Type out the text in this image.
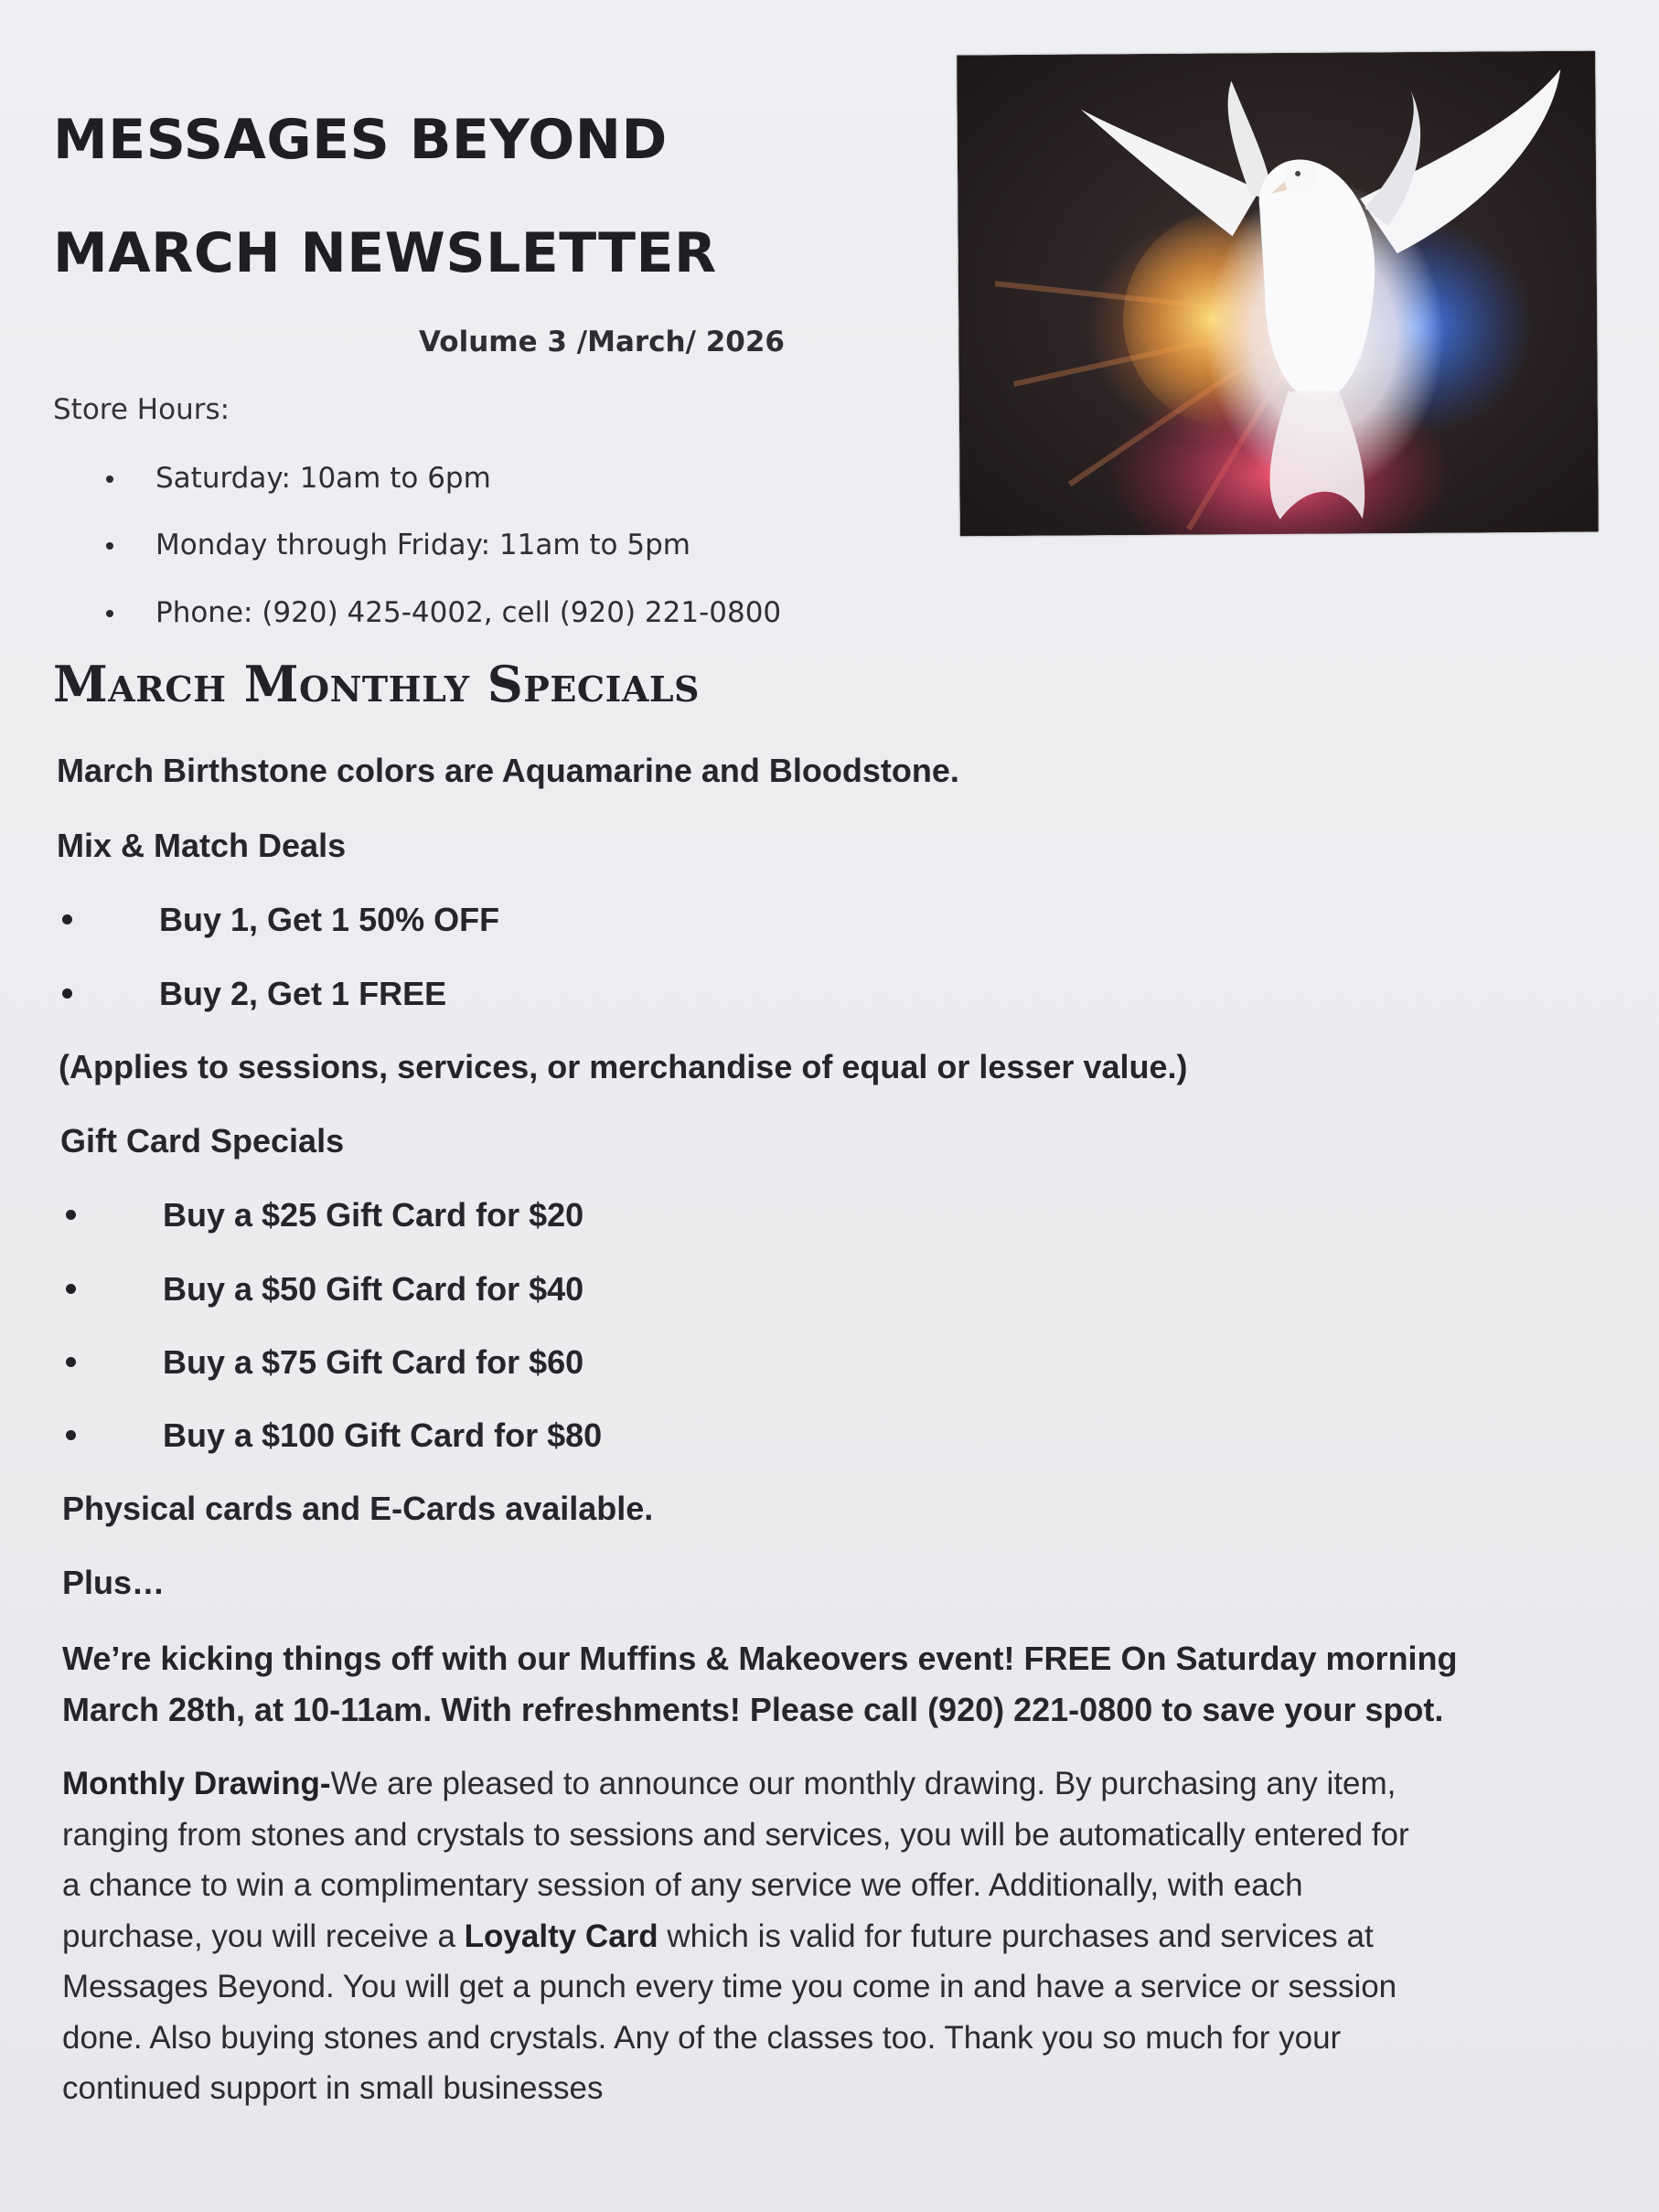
MESSAGES BEYOND
MARCH NEWSLETTER
Volume 3 /March/ 2026
Store Hours:
Saturday: 10am to 6pm
Monday through Friday: 11am to 5pm
Phone: (920) 425-4002, cell (920) 221-0800
March Monthly Specials
March Birthstone colors are Aquamarine and Bloodstone.
Mix & Match Deals
Buy 1, Get 1 50% OFF
Buy 2, Get 1 FREE
(Applies to sessions, services, or merchandise of equal or lesser value.)
Gift Card Specials
Buy a $25 Gift Card for $20
Buy a $50 Gift Card for $40
Buy a $75 Gift Card for $60
Buy a $100 Gift Card for $80
Physical cards and E-Cards available.
Plus…
We’re kicking things off with our Muffins & Makeovers event! FREE On Saturday morning
March 28th, at 10-11am. With refreshments! Please call (920) 221-0800 to save your spot.
Monthly Drawing-We are pleased to announce our monthly drawing. By purchasing any item,
ranging from stones and crystals to sessions and services, you will be automatically entered for
a chance to win a complimentary session of any service we offer. Additionally, with each
purchase, you will receive a Loyalty Card which is valid for future purchases and services at
Messages Beyond. You will get a punch every time you come in and have a service or session
done. Also buying stones and crystals. Any of the classes too. Thank you so much for your
continued support in small businesses
